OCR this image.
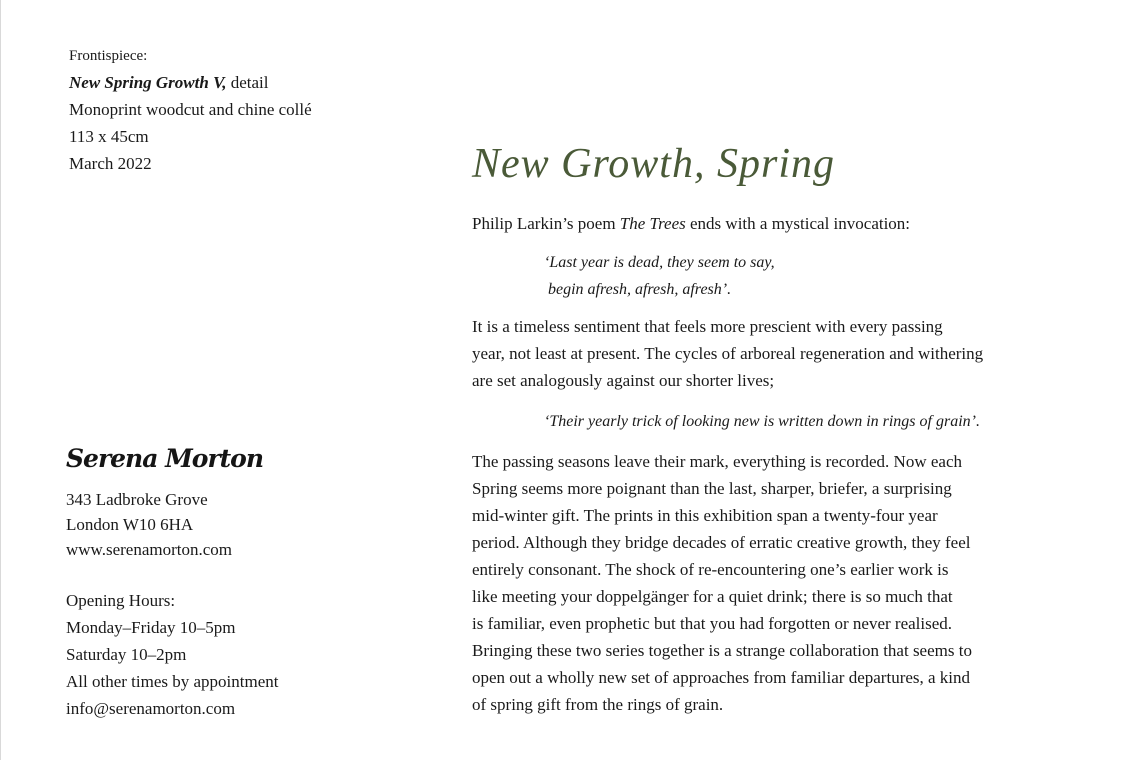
Frontispiece:
New Spring Growth V, detail
Monoprint woodcut and chine collé
113 x 45cm
March 2022
Serena Morton
343 Ladbroke Grove
London W10 6HA
www.serenamorton.com
Opening Hours:
Monday–Friday 10–5pm
Saturday 10–2pm
All other times by appointment
info@serenamorton.com
New Growth, Spring

Philip Larkin’s poem The Trees ends with a mystical invocation:

‘Last year is dead, they seem to say,
begin afresh, afresh, afresh’.

It is a timeless sentiment that feels more prescient with every passing
year, not least at present. The cycles of arboreal regeneration and withering
are set analogously against our shorter lives;

‘Their yearly trick of looking new is written down in rings of grain’.

The passing seasons leave their mark, everything is recorded. Now each
Spring seems more poignant than the last, sharper, briefer, a surprising
mid-winter gift. The prints in this exhibition span a twenty-four year
period. Although they bridge decades of erratic creative growth, they feel
entirely consonant. The shock of re-encountering one’s earlier work is
like meeting your doppelgänger for a quiet drink; there is so much that
is familiar, even prophetic but that you had forgotten or never realised.
Bringing these two series together is a strange collaboration that seems to
open out a wholly new set of approaches from familiar departures, a kind
of spring gift from the rings of grain.
